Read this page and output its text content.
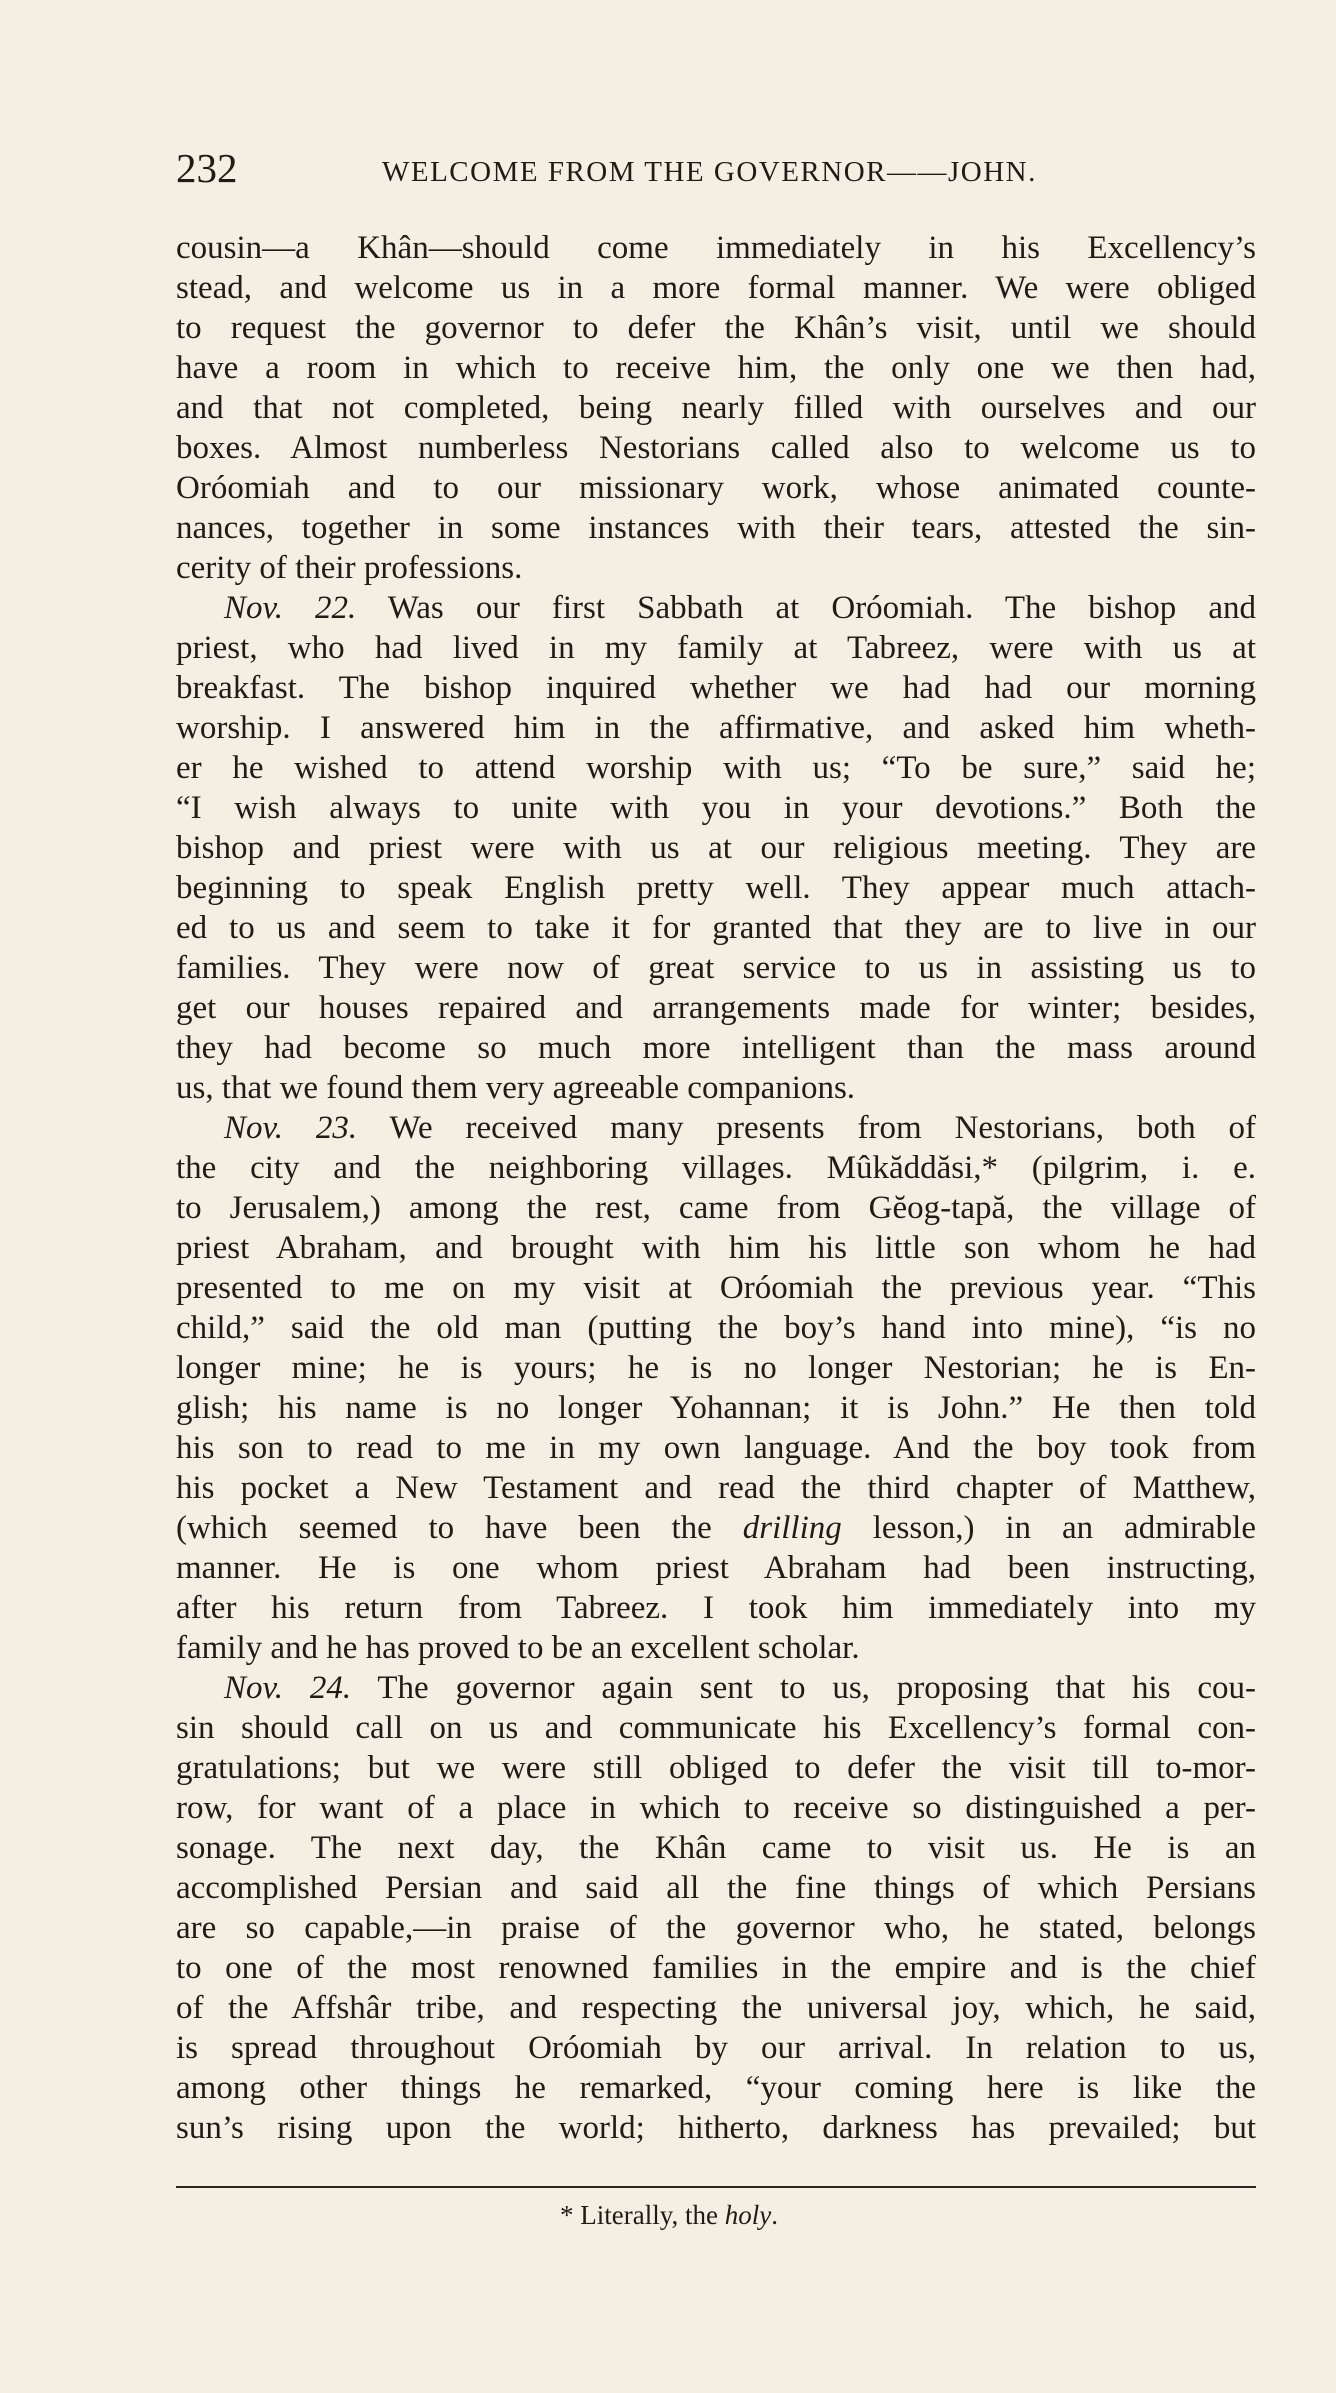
232	WELCOME FROM THE GOVERNOR——JOHN.
cousin—a Khân—should come immediately in his Excellency’s
stead, and welcome us in a more formal manner. We were obliged
to request the governor to defer the Khân’s visit, until we should
have a room in which to receive him, the only one we then had,
and that not completed, being nearly filled with ourselves and our
boxes. Almost numberless Nestorians called also to welcome us to
Oróomiah and to our missionary work, whose animated counte-
nances, together in some instances with their tears, attested the sin-
cerity of their professions.
Nov. 22. Was our first Sabbath at Oróomiah. The bishop and
priest, who had lived in my family at Tabreez, were with us at
breakfast. The bishop inquired whether we had had our morning
worship. I answered him in the affirmative, and asked him wheth-
er he wished to attend worship with us; “To be sure,” said he;
“I wish always to unite with you in your devotions.” Both the
bishop and priest were with us at our religious meeting. They are
beginning to speak English pretty well. They appear much attach-
ed to us and seem to take it for granted that they are to live in our
families. They were now of great service to us in assisting us to
get our houses repaired and arrangements made for winter; besides,
they had become so much more intelligent than the mass around
us, that we found them very agreeable companions.
Nov. 23. We received many presents from Nestorians, both of
the city and the neighboring villages. Mûkăddăsi,* (pilgrim, i. e.
to Jerusalem,) among the rest, came from Gĕog-tapă, the village of
priest Abraham, and brought with him his little son whom he had
presented to me on my visit at Oróomiah the previous year. “This
child,” said the old man (putting the boy’s hand into mine), “is no
longer mine; he is yours; he is no longer Nestorian; he is En-
glish; his name is no longer Yohannan; it is John.” He then told
his son to read to me in my own language. And the boy took from
his pocket a New Testament and read the third chapter of Matthew,
(which seemed to have been the drilling lesson,) in an admirable
manner. He is one whom priest Abraham had been instructing,
after his return from Tabreez. I took him immediately into my
family and he has proved to be an excellent scholar.
Nov. 24. The governor again sent to us, proposing that his cou-
sin should call on us and communicate his Excellency’s formal con-
gratulations; but we were still obliged to defer the visit till to-mor-
row, for want of a place in which to receive so distinguished a per-
sonage. The next day, the Khân came to visit us. He is an
accomplished Persian and said all the fine things of which Persians
are so capable,—in praise of the governor who, he stated, belongs
to one of the most renowned families in the empire and is the chief
of the Affshâr tribe, and respecting the universal joy, which, he said,
is spread throughout Oróomiah by our arrival. In relation to us,
among other things he remarked, “your coming here is like the
sun’s rising upon the world; hitherto, darkness has prevailed; but
* Literally, the holy.
